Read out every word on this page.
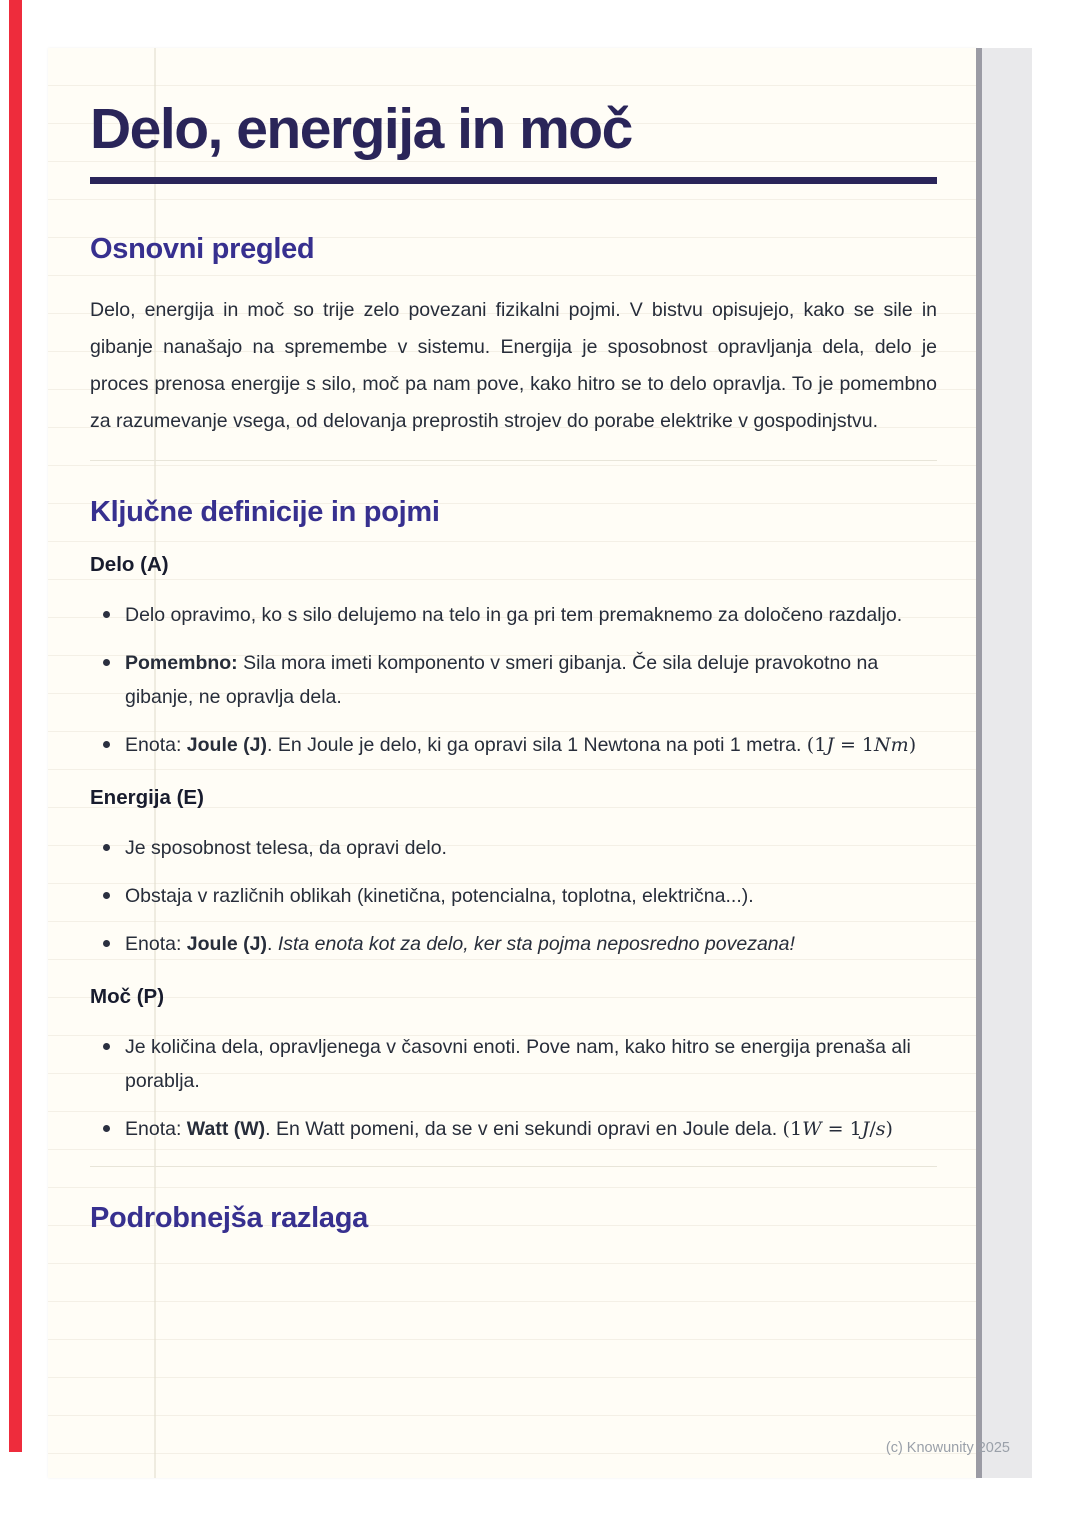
Delo, energija in moč
Osnovni pregled

Delo, energija in moč so trije zelo povezani fizikalni pojmi. V bistvu opisujejo, kako se sile in gibanje nanašajo na spremembe v sistemu. Energija je sposobnost opravljanja dela, delo je proces prenosa energije s silo, moč pa nam pove, kako hitro se to delo opravlja. To je pomembno za razumevanje vsega, od delovanja preprostih strojev do porabe elektrike v gospodinjstvu.

Ključne definicije in pojmi
Delo (A)
Delo opravimo, ko s silo delujemo na telo in ga pri tem premaknemo za določeno razdaljo.
Pomembno: Sila mora imeti komponento v smeri gibanja. Če sila deluje pravokotno na gibanje, ne opravlja dela.
Enota: Joule (J). En Joule je delo, ki ga opravi sila 1 Newtona na poti 1 metra. (1J = 1Nm)
Energija (E)
Je sposobnost telesa, da opravi delo.
Obstaja v različnih oblikah (kinetična, potencialna, toplotna, električna...).
Enota: Joule (J). Ista enota kot za delo, ker sta pojma neposredno povezana!
Moč (P)
Je količina dela, opravljenega v časovni enoti. Pove nam, kako hitro se energija prenaša ali porablja.
Enota: Watt (W). En Watt pomeni, da se v eni sekundi opravi en Joule dela. (1W = 1J/s)
Podrobnejša razlaga
(c) Knowunity 2025
